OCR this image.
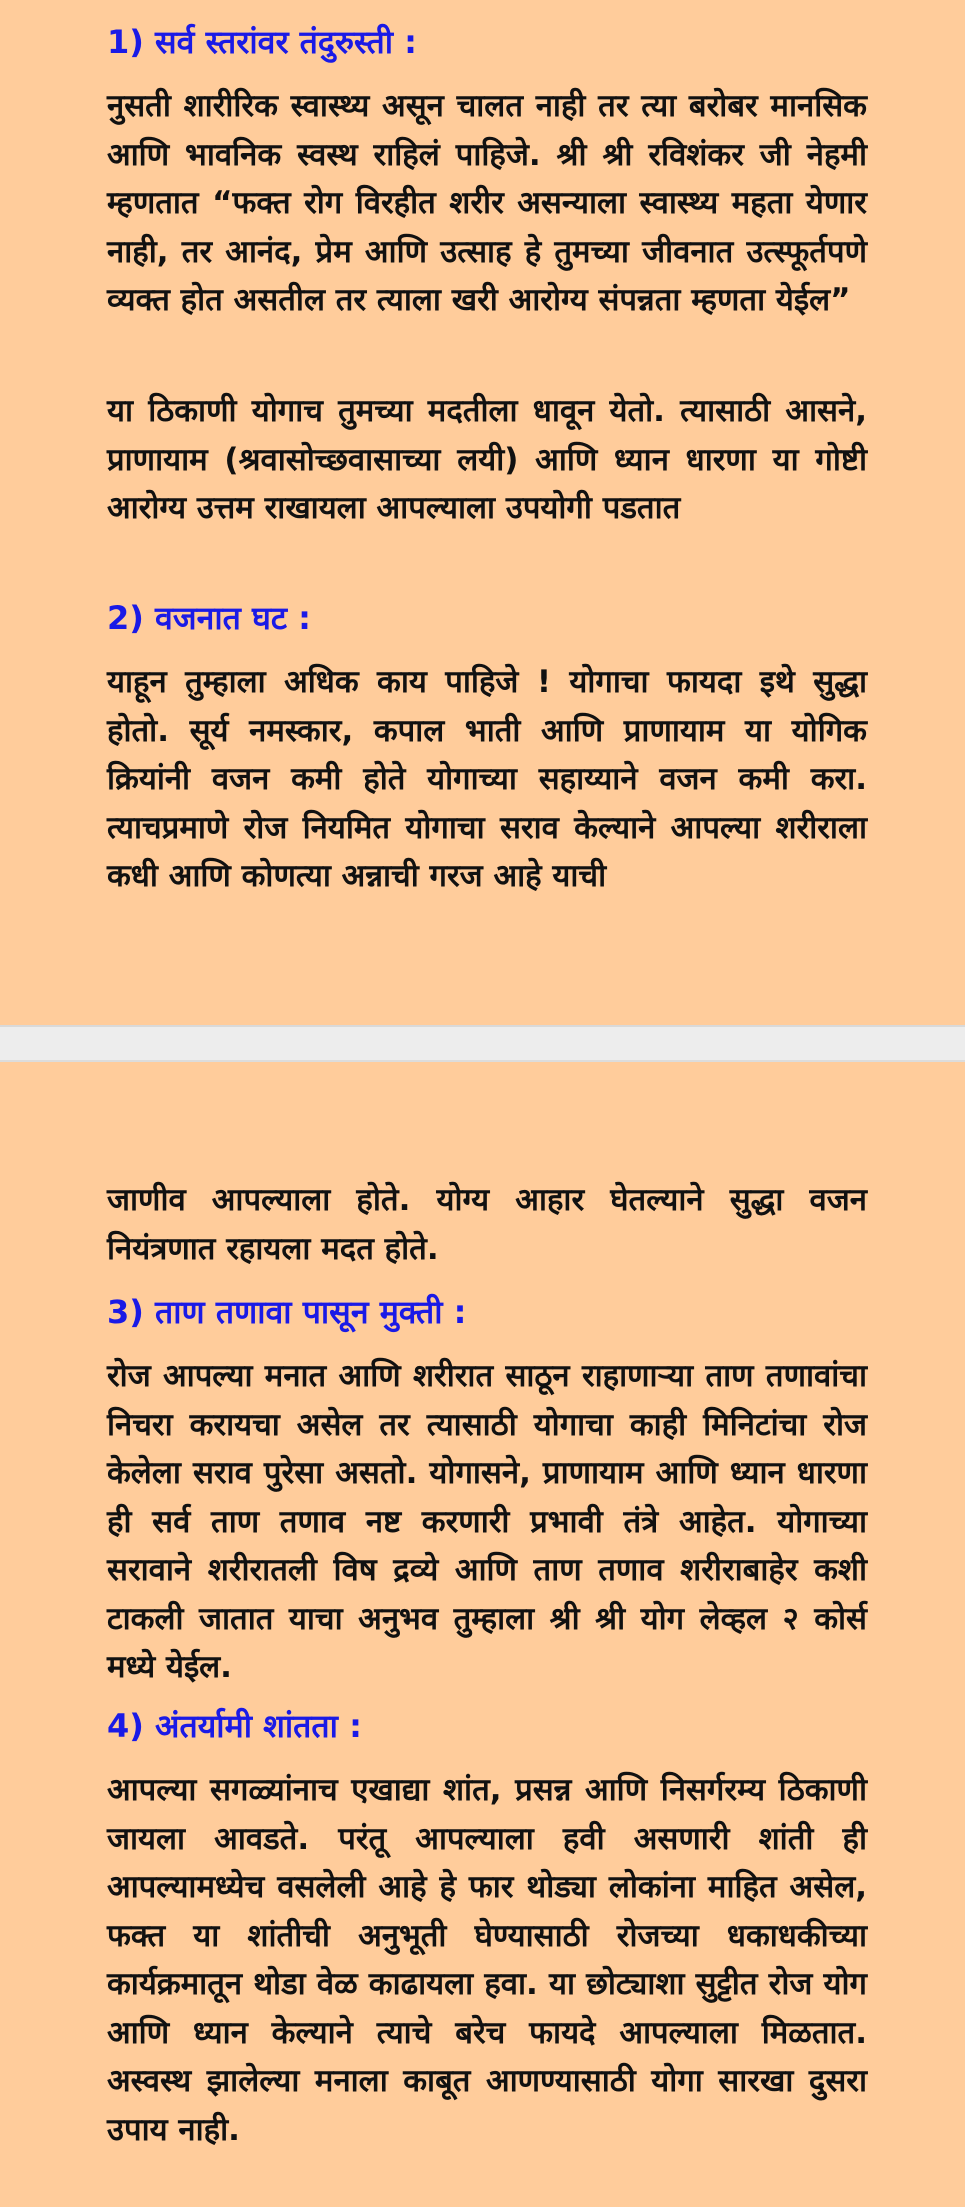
1) सर्व स्तरांवर तंदुरुस्ती :

नुसती शारीरिक स्वास्थ्य असून चालत नाही तर त्या बरोबर मानसिक आणि भावनिक स्वस्थ राहिलं पाहिजे. श्री श्री रविशंकर जी नेहमी म्हणतात “फक्त रोग विरहीत शरीर असन्याला स्वास्थ्य महता येणार नाही, तर आनंद, प्रेम आणि उत्साह हे तुमच्या जीवनात उत्स्फूर्तपणे व्यक्त होत असतील तर त्याला खरी आरोग्य संपन्नता म्हणता येईल”

या ठिकाणी योगाच तुमच्या मदतीला धावून येतो. त्यासाठी आसने, प्राणायाम (श्रवासोच्छवासाच्या लयी) आणि ध्यान धारणा या गोष्टी आरोग्य उत्तम राखायला आपल्याला उपयोगी पडतात

2) वजनात घट :

याहून तुम्हाला अधिक काय पाहिजे ! योगाचा फायदा इथे सुद्धा होतो. सूर्य नमस्कार, कपाल भाती आणि प्राणायाम या योगिक क्रियांनी वजन कमी होते योगाच्या सहाय्याने वजन कमी करा. त्याचप्रमाणे रोज नियमित योगाचा सराव केल्याने आपल्या शरीराला कधी आणि कोणत्या अन्नाची गरज आहे याची

जाणीव आपल्याला होते. योग्य आहार घेतल्याने सुद्धा वजन नियंत्रणात रहायला मदत होते.

3) ताण तणावा पासून मुक्ती :

रोज आपल्या मनात आणि शरीरात साठून राहाणाऱ्या ताण तणावांचा निचरा करायचा असेल तर त्यासाठी योगाचा काही मिनिटांचा रोज केलेला सराव पुरेसा असतो. योगासने, प्राणायाम आणि ध्यान धारणा ही सर्व ताण तणाव नष्ट करणारी प्रभावी तंत्रे आहेत. योगाच्या सरावाने शरीरातली विष द्रव्ये आणि ताण तणाव शरीराबाहेर कशी टाकली जातात याचा अनुभव तुम्हाला श्री श्री योग लेव्हल २ कोर्स मध्ये येईल.

4) अंतर्यामी शांतता :

आपल्या सगळ्यांनाच एखाद्या शांत, प्रसन्न आणि निसर्गरम्य ठिकाणी जायला आवडते. परंतू आपल्याला हवी असणारी शांती ही आपल्यामध्येच वसलेली आहे हे फार थोड्या लोकांना माहित असेल, फक्त या शांतीची अनुभूती घेण्यासाठी रोजच्या धकाधकीच्या कार्यक्रमातून थोडा वेळ काढायला हवा. या छोट्याशा सुट्टीत रोज योग आणि ध्यान केल्याने त्याचे बरेच फायदे आपल्याला मिळतात. अस्वस्थ झालेल्या मनाला काबूत आणण्यासाठी योगा सारखा दुसरा उपाय नाही.
